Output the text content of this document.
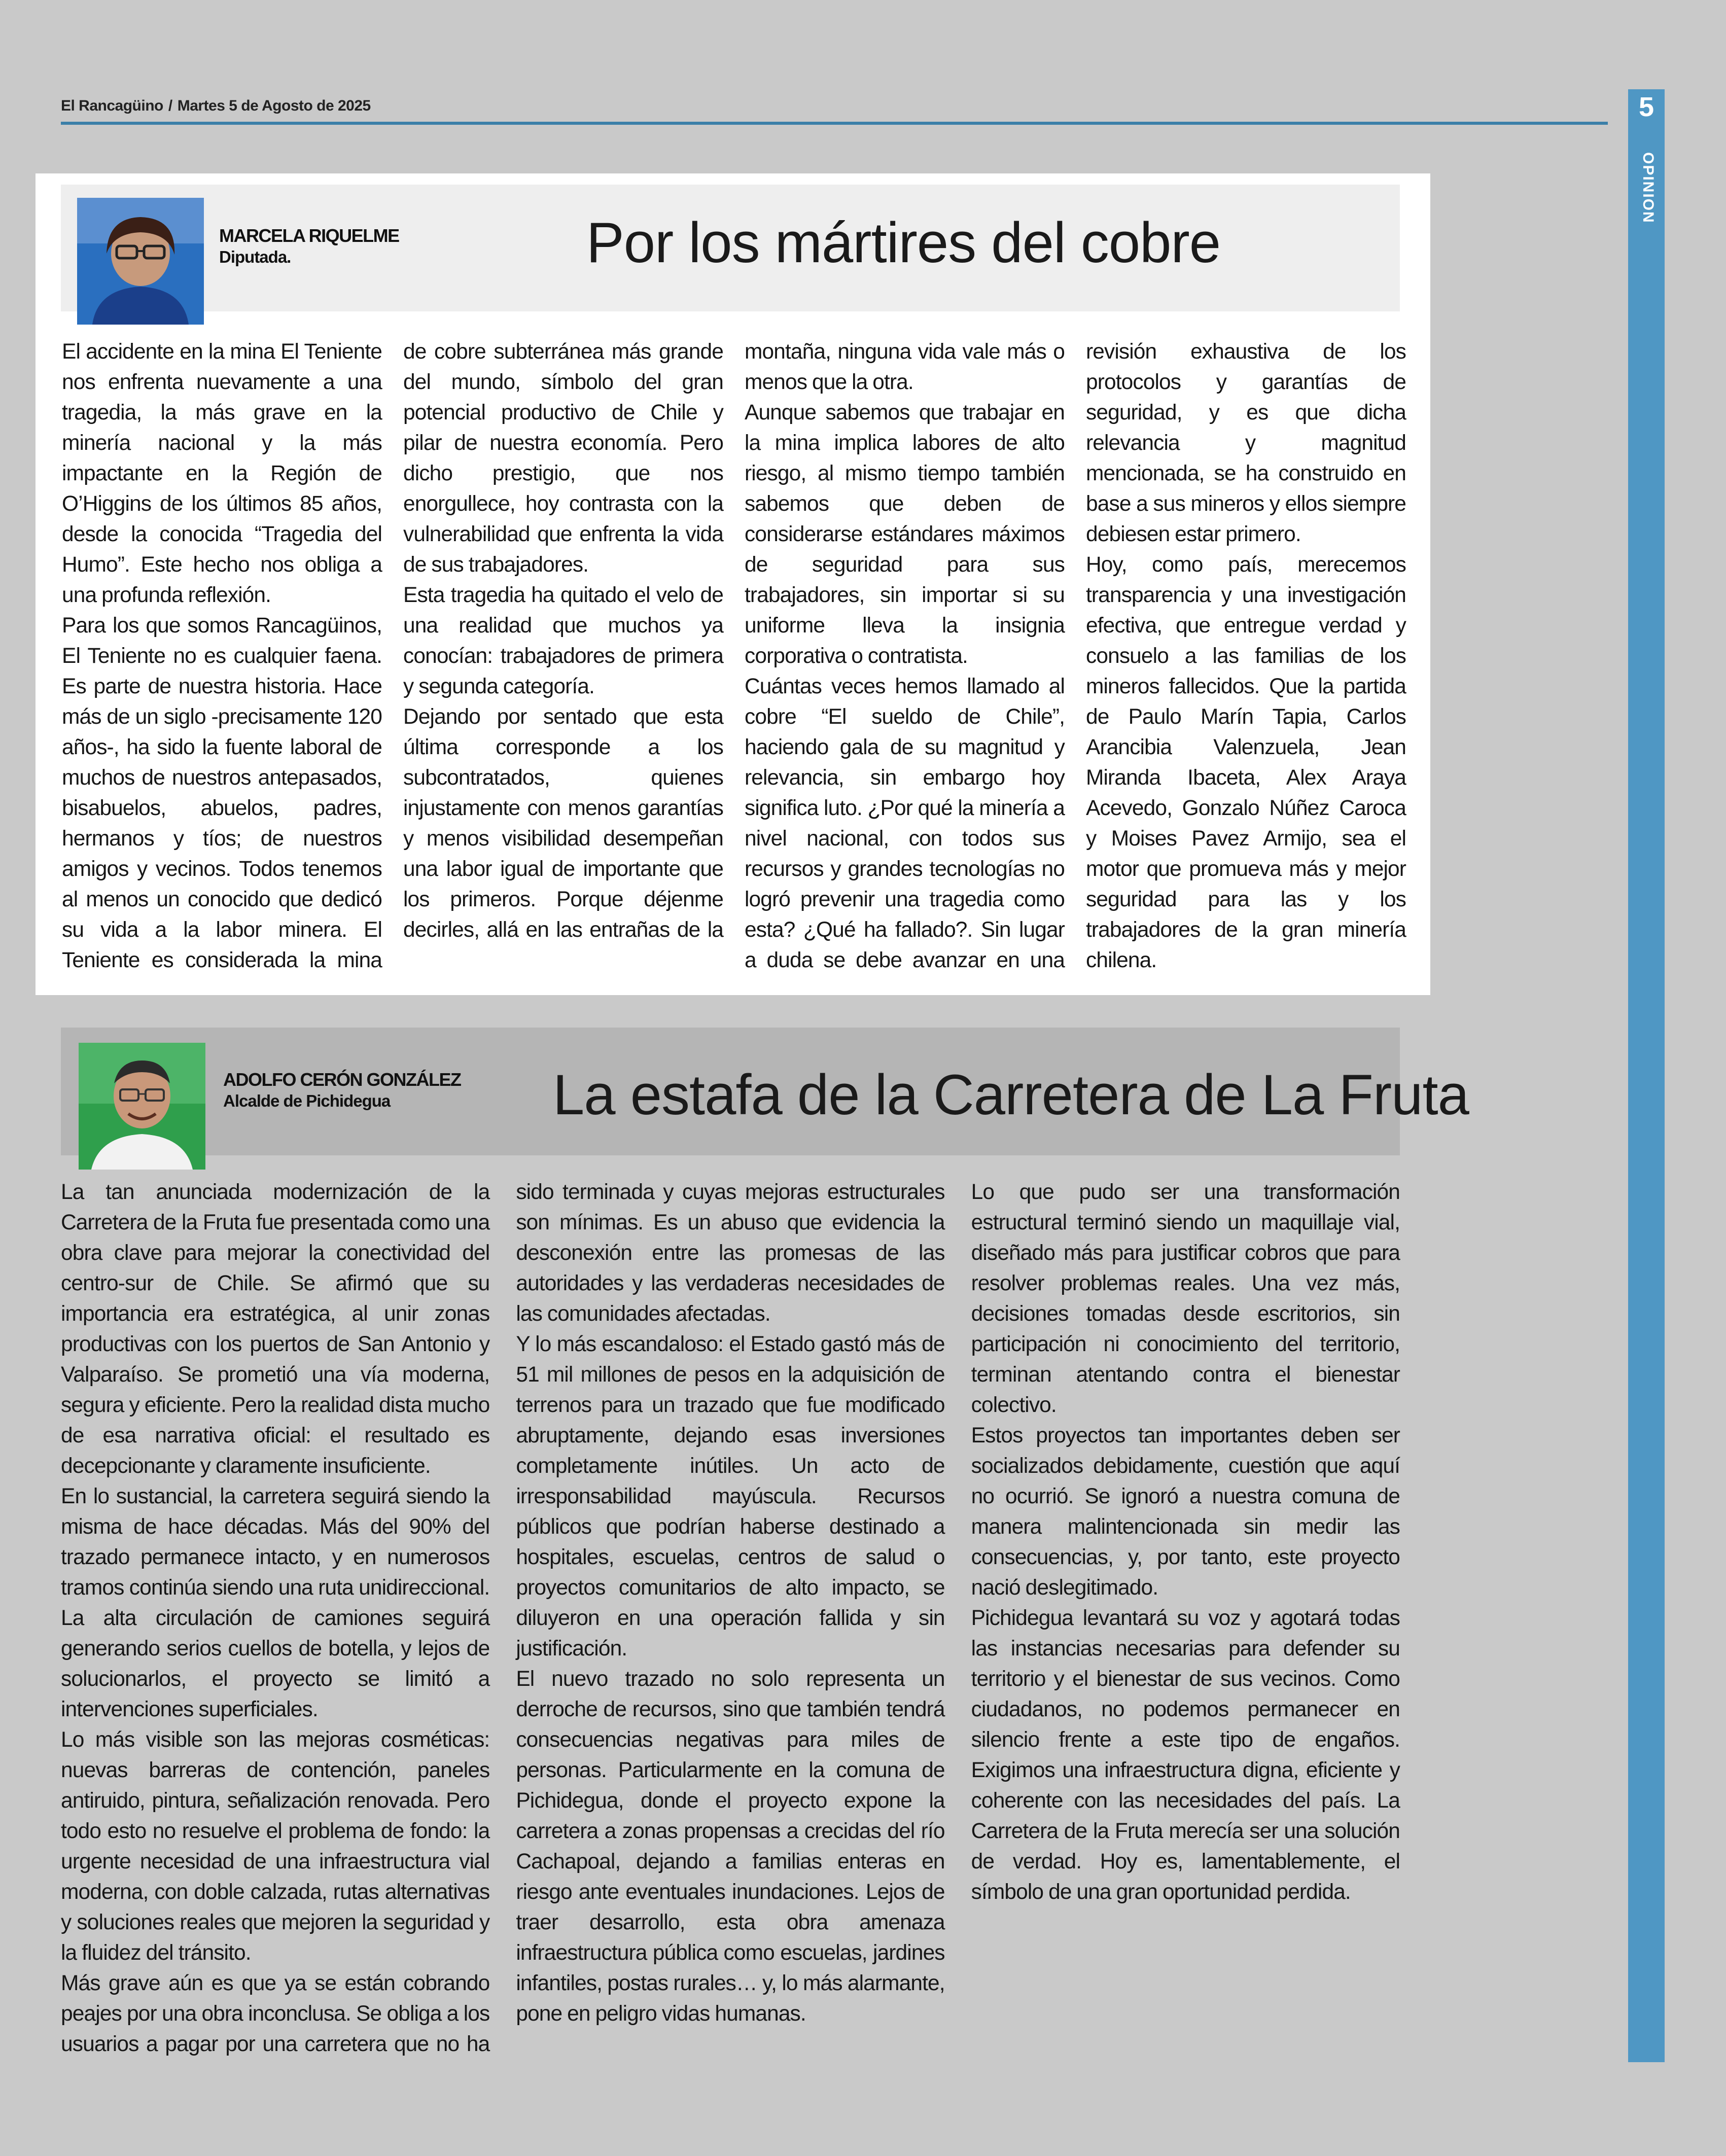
El Rancagüino / Martes 5 de Agosto de 2025	5
OPINION
MARCELA RIQUELME
Diputada.	Por los mártires del cobre

El accidente en la mina El Teniente nos enfrenta nuevamente a una tragedia, la más grave en la minería nacional y la más impactante en la Región de O’Higgins de los últimos 85 años, desde la conocida “Tragedia del Humo”. Este hecho nos obliga a una profunda reflexión.

Para los que somos Rancagüinos, El Teniente no es cualquier faena. Es parte de nuestra historia. Hace más de un siglo -precisamente 120 años-, ha sido la fuente laboral de muchos de nuestros antepasados, bisabuelos, abuelos, padres, hermanos y tíos; de nuestros amigos y vecinos. Todos tenemos al menos un conocido que dedicó su vida a la labor minera. El Teniente es considerada la mina de cobre subterránea más grande del mundo, símbolo del gran potencial productivo de Chile y pilar de nuestra economía. Pero dicho prestigio, que nos enorgullece, hoy contrasta con la vulnerabilidad que enfrenta la vida de sus trabajadores.

Esta tragedia ha quitado el velo de una realidad que muchos ya conocían: trabajadores de primera y segunda categoría.

Dejando por sentado que esta última corresponde a los subcontratados, quienes injustamente con menos garantías y menos visibilidad desempeñan una labor igual de importante que los primeros. Porque déjenme decirles, allá en las entrañas de la montaña, ninguna vida vale más o menos que la otra.

Aunque sabemos que trabajar en la mina implica labores de alto riesgo, al mismo tiempo también sabemos que deben de considerarse estándares máximos de seguridad para sus trabajadores, sin importar si su uniforme lleva la insignia corporativa o contratista.

Cuántas veces hemos llamado al cobre “El sueldo de Chile”, haciendo gala de su magnitud y relevancia, sin embargo hoy significa luto. ¿Por qué la minería a nivel nacional, con todos sus recursos y grandes tecnologías no logró prevenir una tragedia como esta? ¿Qué ha fallado?. Sin lugar a duda se debe avanzar en una revisión exhaustiva de los protocolos y garantías de seguridad, y es que dicha relevancia y magnitud mencionada, se ha construido en base a sus mineros y ellos siempre debiesen estar primero.

Hoy, como país, merecemos transparencia y una investigación efectiva, que entregue verdad y consuelo a las familias de los mineros fallecidos. Que la partida de Paulo Marín Tapia, Carlos Arancibia Valenzuela, Jean Miranda Ibaceta, Alex Araya Acevedo, Gonzalo Núñez Caroca y Moises Pavez Armijo, sea el motor que promueva más y mejor seguridad para las y los trabajadores de la gran minería chilena.

ADOLFO CERÓN GONZÁLEZ
Alcalde de Pichidegua	La estafa de la Carretera de La Fruta

La tan anunciada modernización de la Carretera de la Fruta fue presentada como una obra clave para mejorar la conectividad del centro-sur de Chile. Se afirmó que su importancia era estratégica, al unir zonas productivas con los puertos de San Antonio y Valparaíso. Se prometió una vía moderna, segura y eficiente. Pero la realidad dista mucho de esa narrativa oficial: el resultado es decepcionante y claramente insuficiente.

En lo sustancial, la carretera seguirá siendo la misma de hace décadas. Más del 90% del trazado permanece intacto, y en numerosos tramos continúa siendo una ruta unidireccional. La alta circulación de camiones seguirá generando serios cuellos de botella, y lejos de solucionarlos, el proyecto se limitó a intervenciones superficiales.

Lo más visible son las mejoras cosméticas: nuevas barreras de contención, paneles antiruido, pintura, señalización renovada. Pero todo esto no resuelve el problema de fondo: la urgente necesidad de una infraestructura vial moderna, con doble calzada, rutas alternativas y soluciones reales que mejoren la seguridad y la fluidez del tránsito.

Más grave aún es que ya se están cobrando peajes por una obra inconclusa. Se obliga a los usuarios a pagar por una carretera que no ha sido terminada y cuyas mejoras estructurales son mínimas. Es un abuso que evidencia la desconexión entre las promesas de las autoridades y las verdaderas necesidades de las comunidades afectadas.

Y lo más escandaloso: el Estado gastó más de 51 mil millones de pesos en la adquisición de terrenos para un trazado que fue modificado abruptamente, dejando esas inversiones completamente inútiles. Un acto de irresponsabilidad mayúscula. Recursos públicos que podrían haberse destinado a hospitales, escuelas, centros de salud o proyectos comunitarios de alto impacto, se diluyeron en una operación fallida y sin justificación.

El nuevo trazado no solo representa un derroche de recursos, sino que también tendrá consecuencias negativas para miles de personas. Particularmente en la comuna de Pichidegua, donde el proyecto expone la carretera a zonas propensas a crecidas del río Cachapoal, dejando a familias enteras en riesgo ante eventuales inundaciones. Lejos de traer desarrollo, esta obra amenaza infraestructura pública como escuelas, jardines infantiles, postas rurales… y, lo más alarmante, pone en peligro vidas humanas.

Lo que pudo ser una transformación estructural terminó siendo un maquillaje vial, diseñado más para justificar cobros que para resolver problemas reales. Una vez más, decisiones tomadas desde escritorios, sin participación ni conocimiento del territorio, terminan atentando contra el bienestar colectivo.

Estos proyectos tan importantes deben ser socializados debidamente, cuestión que aquí no ocurrió. Se ignoró a nuestra comuna de manera malintencionada sin medir las consecuencias, y, por tanto, este proyecto nació deslegitimado.

Pichidegua levantará su voz y agotará todas las instancias necesarias para defender su territorio y el bienestar de sus vecinos. Como ciudadanos, no podemos permanecer en silencio frente a este tipo de engaños. Exigimos una infraestructura digna, eficiente y coherente con las necesidades del país. La Carretera de la Fruta merecía ser una solución de verdad. Hoy es, lamentablemente, el símbolo de una gran oportunidad perdida.
